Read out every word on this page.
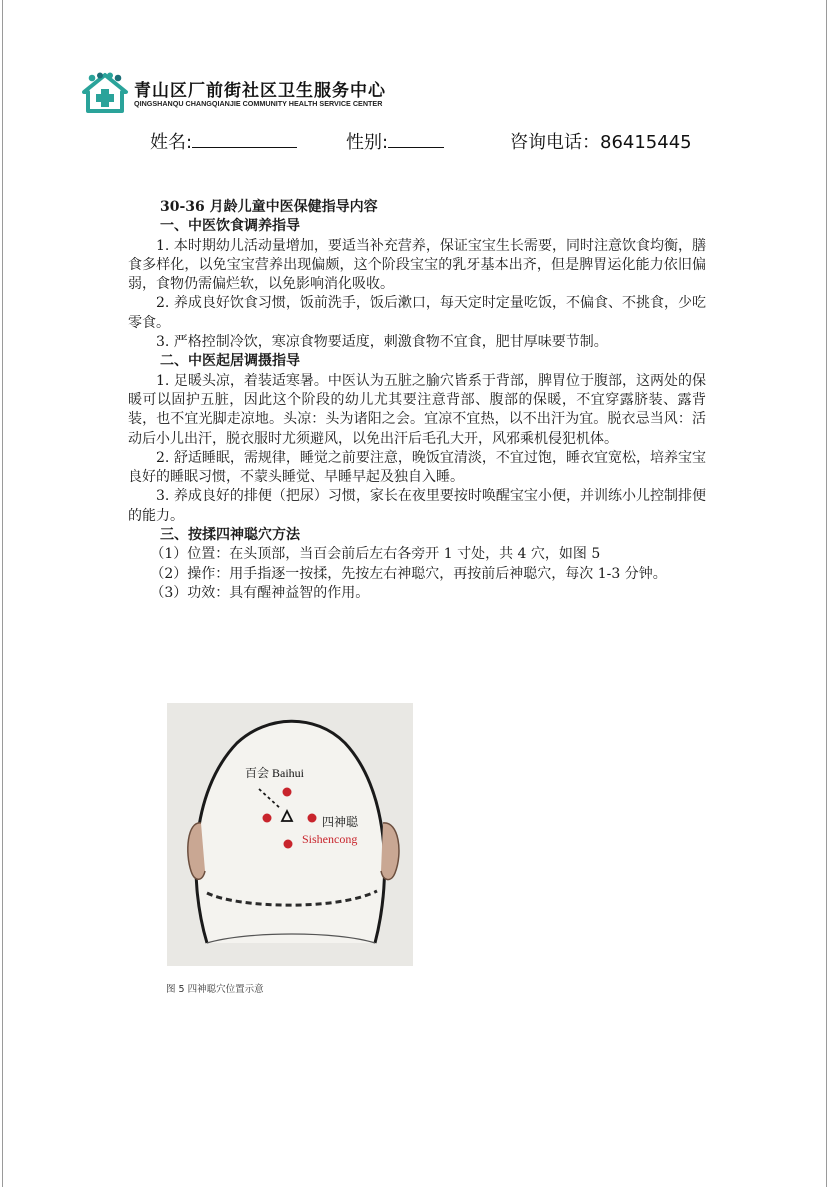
青山区厂前街社区卫生服务中心
QINGSHANQU CHANGQIANJIE COMMUNITY HEALTH SERVICE CENTER
姓名:	性别:	咨询电话：86415445

30-36 月龄儿童中医保健指导内容

一、中医饮食调养指导

1. 本时期幼儿活动量增加，要适当补充营养，保证宝宝生长需要，同时注意饮食均衡，膳食多样化，以免宝宝营养出现偏颇，这个阶段宝宝的乳牙基本出齐，但是脾胃运化能力依旧偏弱，食物仍需偏烂软，以免影响消化吸收。

2. 养成良好饮食习惯，饭前洗手，饭后漱口，每天定时定量吃饭，不偏食、不挑食，少吃零食。

3. 严格控制冷饮，寒凉食物要适度，刺激食物不宜食，肥甘厚味要节制。

二、中医起居调摄指导

1. 足暖头凉，着装适寒暑。中医认为五脏之腧穴皆系于背部，脾胃位于腹部，这两处的保暖可以固护五脏，因此这个阶段的幼儿尤其要注意背部、腹部的保暖，不宜穿露脐装、露背装，也不宜光脚走凉地。头凉：头为诸阳之会。宜凉不宜热，以不出汗为宜。脱衣忌当风：活动后小儿出汗，脱衣服时尤须避风，以免出汗后毛孔大开，风邪乘机侵犯机体。

2. 舒适睡眠，需规律，睡觉之前要注意，晚饭宜清淡，不宜过饱，睡衣宜宽松，培养宝宝良好的睡眠习惯，不蒙头睡觉、早睡早起及独自入睡。

3. 养成良好的排便（把尿）习惯，家长在夜里要按时唤醒宝宝小便，并训练小儿控制排便的能力。

三、按揉四神聪穴方法

（1）位置：在头顶部，当百会前后左右各旁开 1 寸处，共 4 穴，如图 5

（2）操作：用手指逐一按揉，先按左右神聪穴，再按前后神聪穴，每次 1-3 分钟。

（3）功效：具有醒神益智的作用。

百会 Baihui
四神聪
Sishencong
图 5 四神聪穴位置示意
